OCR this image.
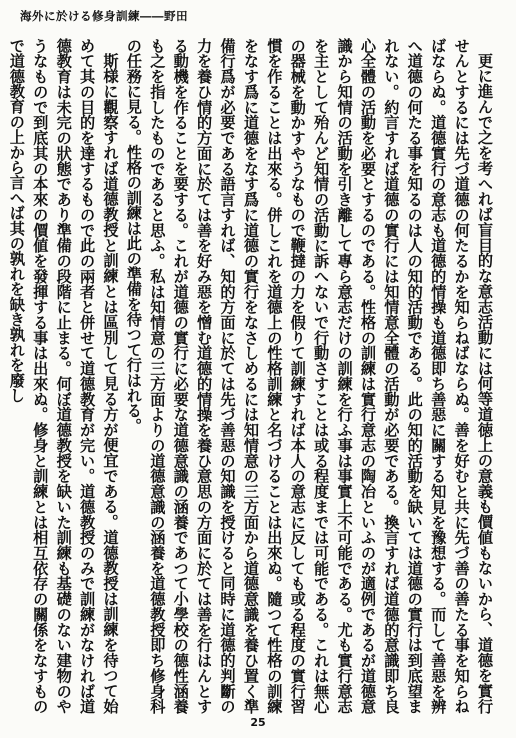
海外に於ける修身訓練――野田

更に進んで之を考へれば盲目的な意志活動には何等道徳上の意義も價値もないから、道德を實行せんとするには先づ道德の何たるかを知らねばならぬ。善を好むと共に先づ善の善たる事を知らねばならぬ。道德實行の意志も道德的情操も道德即ち善惡に關する知見を豫想する。而して善惡を辨へ道德の何たる事を知るのは人の知的活動である。此の知的活動を缺いては道德の實行は到底望まれない。約言すれば道德の實行には知情意全體の活動が必要である。換言すれば道德的意識即ち良心全體の活動を必要とするのである。性格の訓練は實行意志の陶冶といふのが適例であるが道德意識から知情の活動を引き離して專ら意志だけの訓練を行ふ事は事實上不可能である。尤も實行意志を主として殆んど知情の活動に訴へないで行動さすことは或る程度までは可能である。これは無心の器械を動かすやうなもので鞭撻の力を假りて訓練すれば本人の意志に反しても或る程度の實行習慣を作ることは出來る。併しこれを道德上の性格訓練と名づけることは出來ぬ。隨つて性格の訓練をなす爲に道德をなす爲に道德の實行をなさしめるには知情意の三方面から道德意識を養ひ置く準備行爲が必要である語言すれば、知的方面に於ては先づ善惡の知識を授けると同時に道德的判斷の力を養ひ情的方面に於ては善を好み惡を憎む道德的情操を養ひ意思の方面に於ては善を行はんとする動機を作ることを要する。これが道德の實行に必要な道德意識の涵養であつて小學校の德性涵養も之を指したものであると思ふ。私は知情意の三方面よりの道德意識の涵養を道德教授即ち修身科の任務に見る。性格の訓練は此の準備を待つて行はれる。

斯様に觀察すれば道德教授と訓練とは區別して見る方が便宜である。道德教授は訓練を待つて始めて其の目的を達するもので此の兩者と併せて道德教育が完い。道德教授のみで訓練がなければ道德教育は未完の狀態であり準備の段階に止まる。何ぼ道德教授を缺いた訓練も基礎のない建物のやうなもので到底其の本來の價値を發揮する事は出來ぬ。修身と訓練とは相互依存の關係をなすもので道德教育の上から言へば其の孰れを缺き孰れを廢し

25
